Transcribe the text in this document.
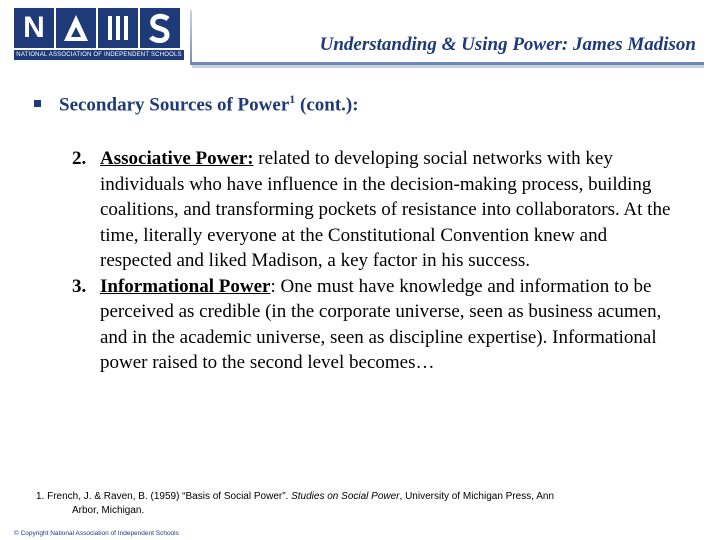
N
NATIONAL ASSOCIATION OF INDEPENDENT SCHOOLS	Understanding & Using Power: James Madison
Secondary Sources of Power$^1$ (cont.):
2. Associative Power: related to developing social networks with key individuals who have influence in the decision-making process, building coalitions, and transforming pockets of resistance into collaborators. At the time, literally everyone at the Constitutional Convention knew and respected and liked Madison, a key factor in his success.
3. Informational Power: One must have knowledge and information to be perceived as credible (in the corporate universe, seen as business acumen, and in the academic universe, seen as discipline expertise). Informational power raised to the second level becomes…
1. French, J. & Raven, B. (1959) “Basis of Social Power”. Studies on Social Power, University of Michigan Press, Ann
Arbor, Michigan.
© Copyright National Association of Independent Schools
